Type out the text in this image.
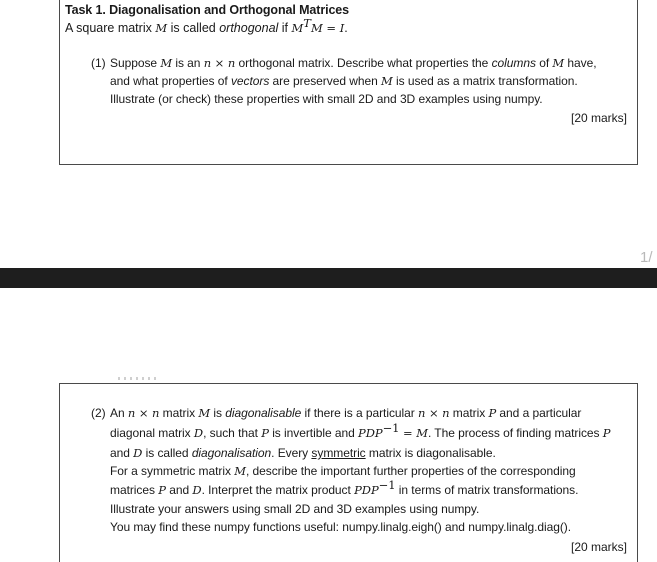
1/
Task 1. Diagonalisation and Orthogonal Matrices
A square matrix M is called orthogonal if $M^TM = I$.
(1) Suppose M is an n × n orthogonal matrix. Describe what properties the columns of M have,
and what properties of vectors are preserved when M is used as a matrix transformation.
Illustrate (or check) these properties with small 2D and 3D examples using numpy.
[20 marks]
(2) An n × n matrix M is diagonalisable if there is a particular n × n matrix P and a particular
diagonal matrix D, such that P is invertible and $PDP^{-1} = M$. The process of finding matrices P
and D is called diagonalisation. Every symmetric matrix is diagonalisable.
For a symmetric matrix M, describe the important further properties of the corresponding
matrices P and D. Interpret the matrix product $PDP^{-1}$ in terms of matrix transformations.
Illustrate your answers using small 2D and 3D examples using numpy.
You may find these numpy functions useful: numpy.linalg.eigh() and numpy.linalg.diag().
[20 marks]
